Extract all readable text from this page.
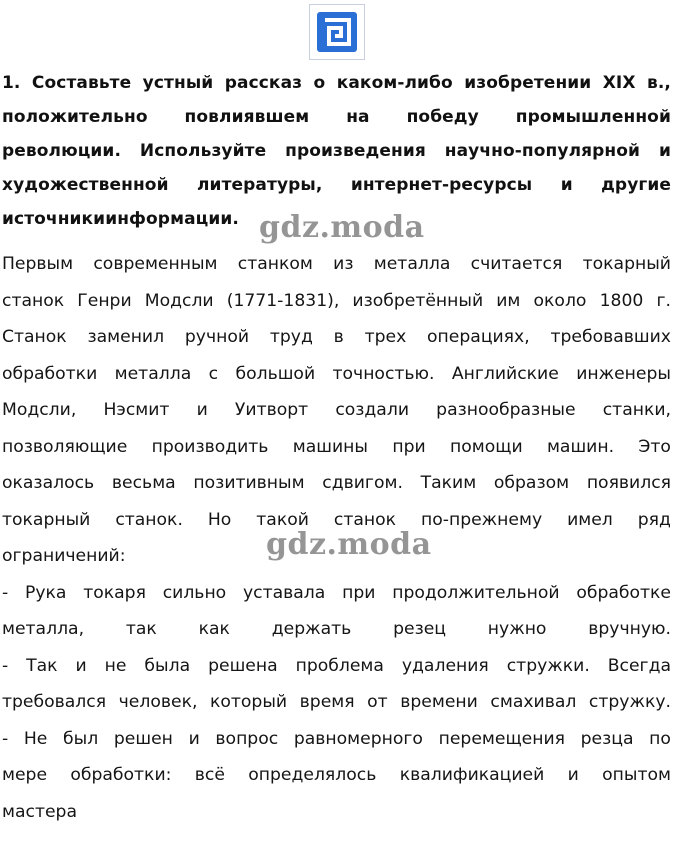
1. Составьте устный рассказ о каком-либо изобретении XIX в.,
положительно повлиявшем на победу промышленной
революции. Используйте произведения научно-популярной и
художественной литературы, интернет-ресурсы и другие
источники информации.
Первым современным станком из металла считается токарный
станок Генри Модсли (1771-1831), изобретённый им около 1800 г.
Станок заменил ручной труд в трех операциях, требовавших
обработки металла с большой точностью. Английские инженеры
Модсли, Нэсмит и Уитворт создали разнообразные станки,
позволяющие производить машины при помощи машин. Это
оказалось весьма позитивным сдвигом. Таким образом появился
токарный станок. Но такой станок по-прежнему имел ряд
ограничений:
- Рука токаря сильно уставала при продолжительной обработке
металла, так как держать резец нужно вручную.
- Так и не была решена проблема удаления стружки. Всегда
требовался человек, который время от времени смахивал стружку.
- Не был решен и вопрос равномерного перемещения резца по
мере обработки: всё определялось квалификацией и опытом
мастера
gdz.moda
gdz.moda
